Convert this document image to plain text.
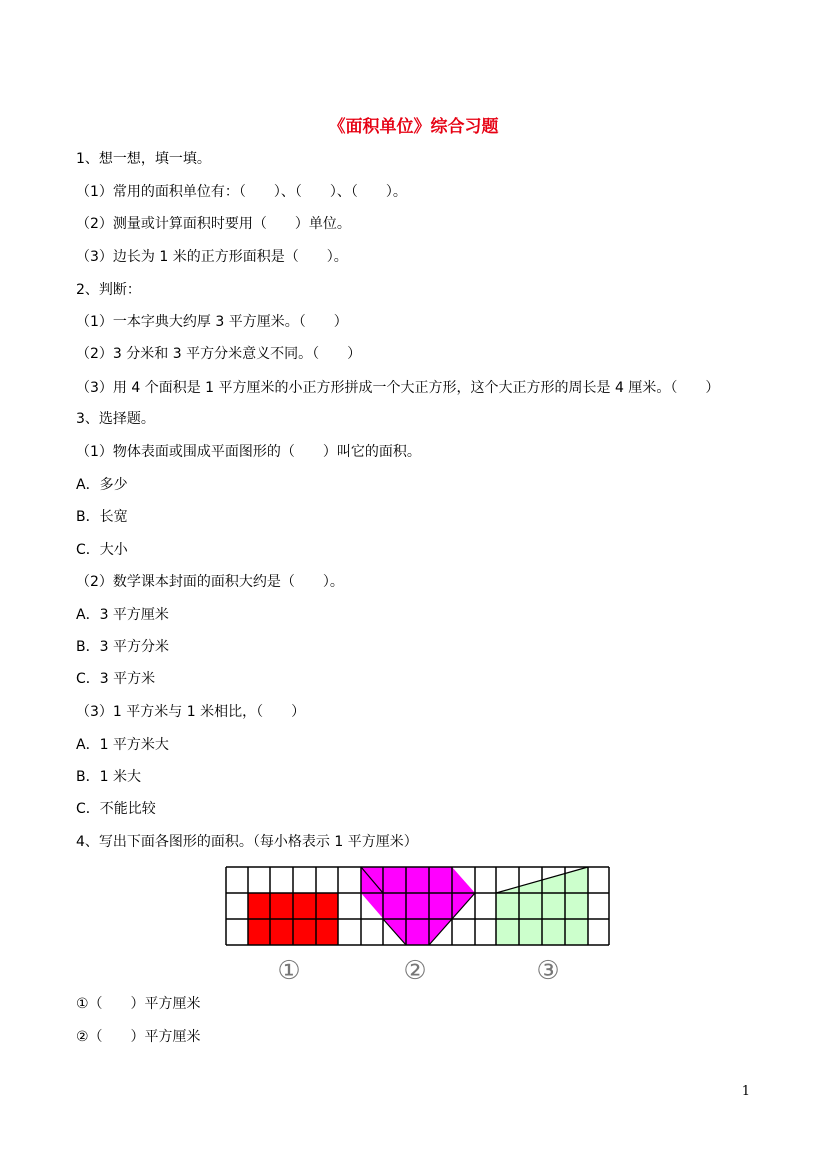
《面积单位》综合习题
1、想一想，填一填。
（1）常用的面积单位有：（　　）、（　　）、（　　）。
（2）测量或计算面积时要用（　　）单位。
（3）边长为 1 米的正方形面积是（　　）。
2、判断：
（1）一本字典大约厚 3 平方厘米。（　　）
（2）3 分米和 3 平方分米意义不同。（　　）
（3）用 4 个面积是 1 平方厘米的小正方形拼成一个大正方形，这个大正方形的周长是 4 厘米。（　　）
3、选择题。
（1）物体表面或围成平面图形的（　　）叫它的面积。
A．多少
B．长宽
C．大小
（2）数学课本封面的面积大约是（　　）。
A．3 平方厘米
B．3 平方分米
C．3 平方米
（3）1 平方米与 1 米相比，（　　）
A．1 平方米大
B．1 米大
C．不能比较
4、写出下面各图形的面积。（每小格表示 1 平方厘米）
①（　　）平方厘米
②（　　）平方厘米
①	②	③
1
